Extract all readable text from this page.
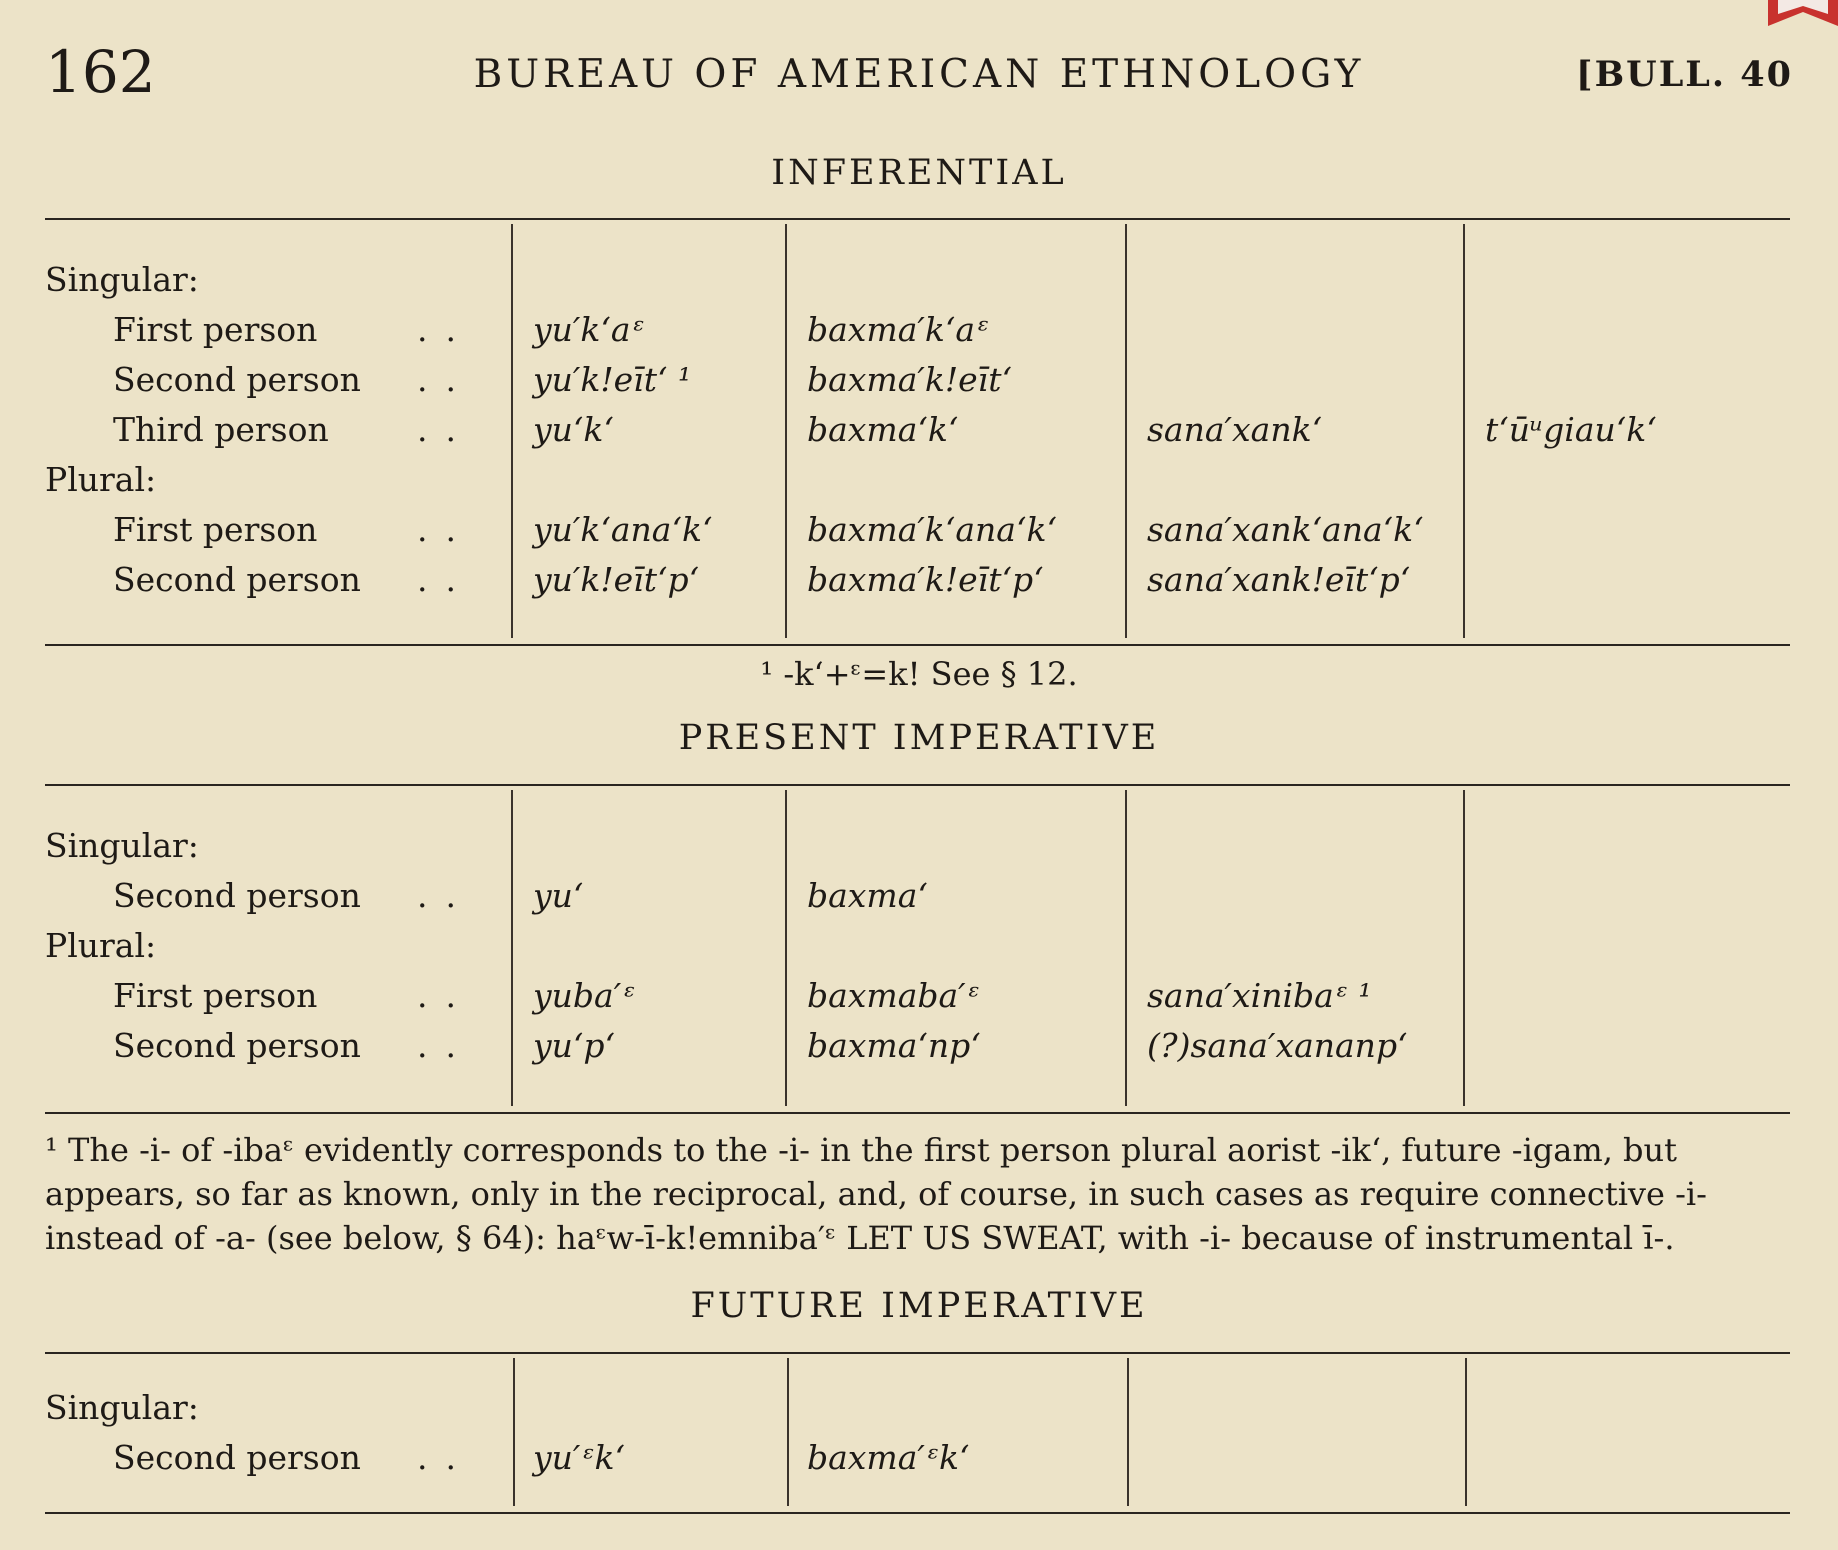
162	BUREAU OF AMERICAN ETHNOLOGY	[BULL. 40
INFERENTIAL
Singular:
First person	.. yu′k‘aᵋ	baxma′k‘aᵋ
Second person .. yu′k!eīt‘ ¹	baxma′k!eīt‘
Third person	.. yu‘k‘	baxma‘k‘	sana′xank‘	t‘ūᵘgiau‘k‘
Plural:
First person	.. yu′k‘ana‘k‘	baxma′k‘ana‘k‘	sana′xank‘ana‘k‘
Second person .. yu′k!eīt‘p‘	baxma′k!eīt‘p‘	sana′xank!eīt‘p‘
¹ -k‘+ᵋ=k! See § 12.
PRESENT IMPERATIVE
Singular:
Second person .. yu‘	baxma‘
Plural:
First person	.. yuba′ᵋ	baxmaba′ᵋ	sana′xinibaᵋ ¹
Second person .. yu‘p‘	baxma‘np‘	(?)sana′xananp‘
¹ The -i- of -ibaᵋ evidently corresponds to the -i- in the first person plural aorist -ik‘, future -igam, but
appears, so far as known, only in the reciprocal, and, of course, in such cases as require connective -i-
instead of -a- (see below, § 64): haᵋw-ī-k!emniba′ᵋ LET US SWEAT, with -i- because of instrumental ī-.
FUTURE IMPERATIVE
Singular:
Second person .. yu′ᵋk‘	baxma′ᵋk‘
